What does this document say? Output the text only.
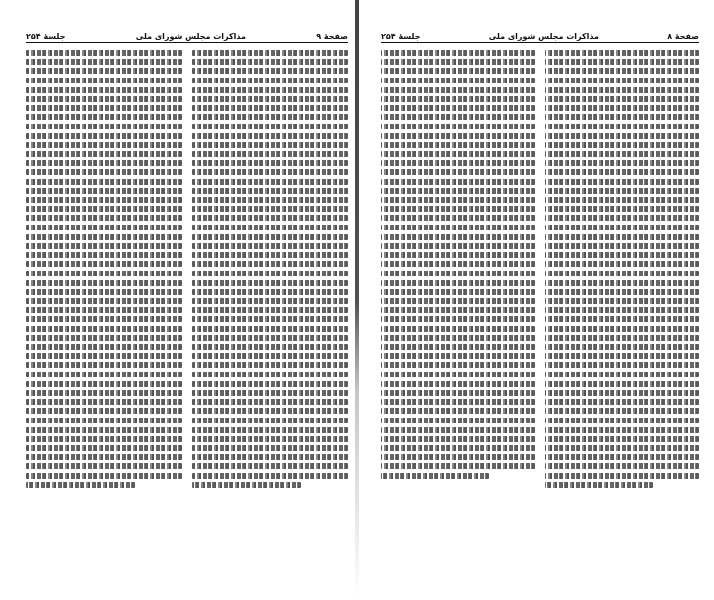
صفحهٔ ۹
مذاکرات مجلس شورای ملی
جلسهٔ ۲۵۴	صفحهٔ ۸
مذاکرات مجلس شورای ملی
جلسهٔ ۲۵۴
